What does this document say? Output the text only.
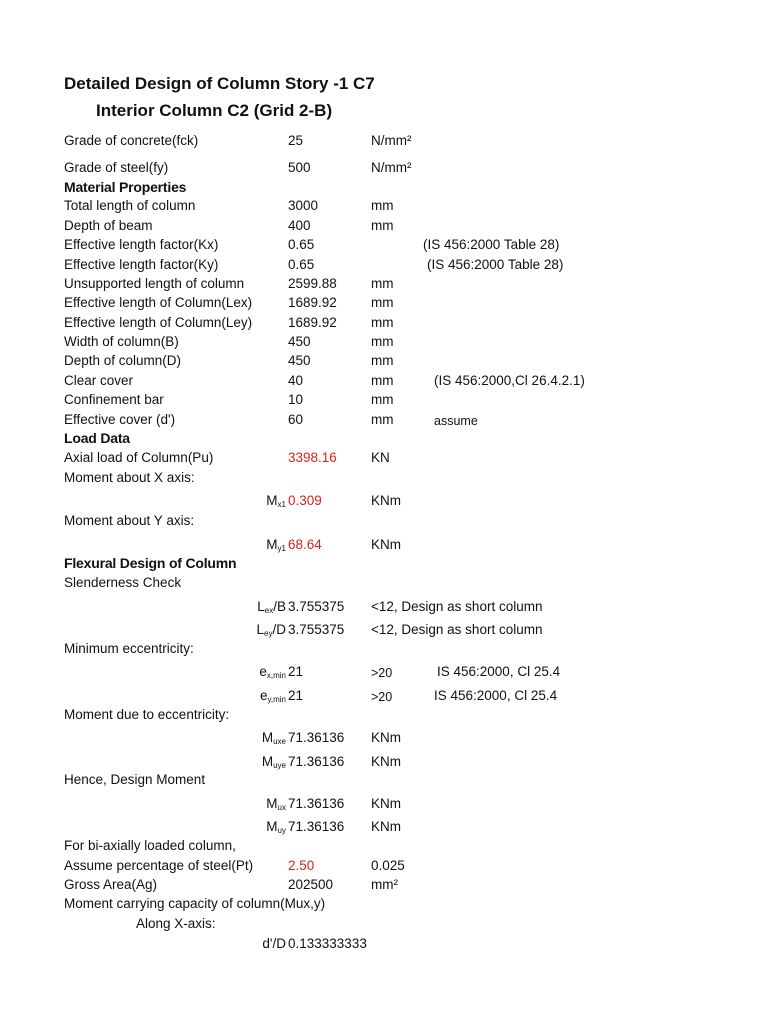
Detailed Design of Column Story -1 C7
Interior Column C2 (Grid 2-B)
Grade of concrete(fck)	25	N/mm²
Grade of steel(fy)	500	N/mm²
Material Properties
Total length of column	3000	mm
Depth of beam	400	mm
Effective length factor(Kx)	0.65	(IS 456:2000 Table 28)
Effective length factor(Ky)	0.65	(IS 456:2000 Table 28)
Unsupported length of column	2599.88	mm
Effective length of Column(Lex)	1689.92	mm
Effective length of Column(Ley)	1689.92	mm
Width of column(B)	450	mm
Depth of column(D)	450	mm
Clear cover	40	mm	(IS 456:2000,Cl 26.4.2.1)
Confinement bar	10	mm
Effective cover (d')	60	mm	assume
Load Data
Axial load of Column(Pu)	3398.16	KN
Moment about X axis:
$M_{x1}$ 0.309	KNm
Moment about Y axis:
$M_{y1}$ 68.64	KNm
Flexural Design of Column
Slenderness Check
$L_{ex}/B$ 3.755375 <12, Design as short column
$L_{ey}/D$ 3.755375 <12, Design as short column
Minimum eccentricity:
$e_{x,min}$ 21	>20	IS 456:2000, Cl 25.4
$e_{y,min}$ 21	>20	IS 456:2000, Cl 25.4
Moment due to eccentricity:
$M_{uxe}$ 71.36136 KNm
$M_{uye}$ 71.36136 KNm
Hence, Design Moment
$M_{ux}$ 71.36136 KNm
$M_{uy}$ 71.36136 KNm
For bi-axially loaded column,
Assume percentage of steel(Pt)	2.50	0.025
Gross Area(Ag)	202500	mm²
Moment carrying capacity of column(Mux,y)
Along X-axis:
d'/D 0.133333333
